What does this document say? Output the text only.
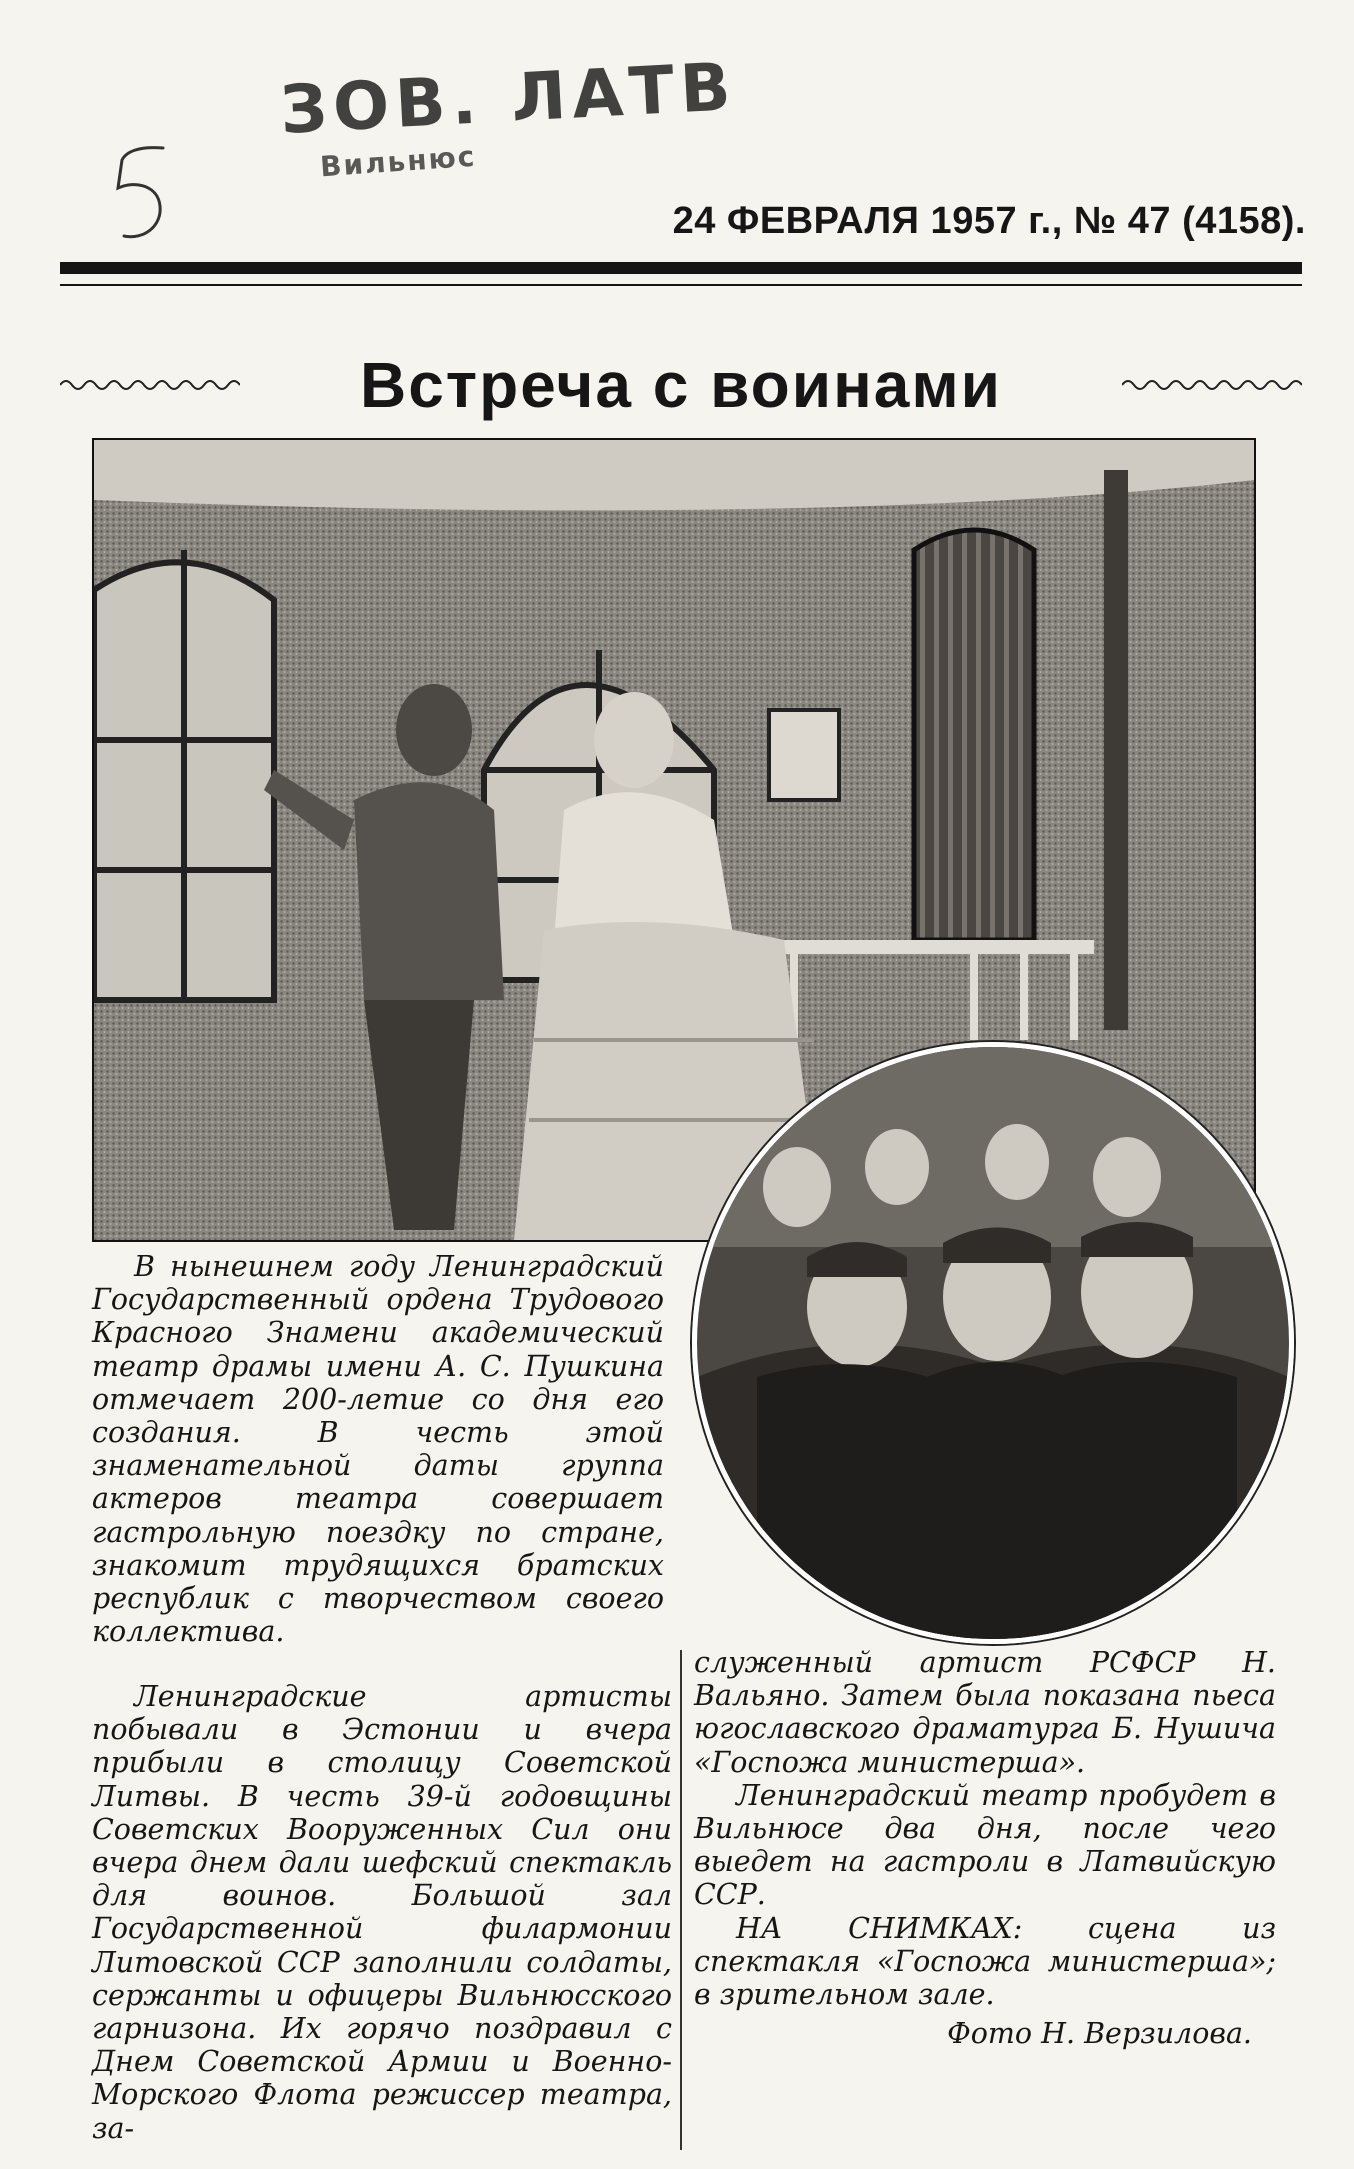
ЗОВ. ЛАТВ
Вильнюс
24 ФЕВРАЛЯ 1957 г., № 47 (4158).
Встреча с воинами

В нынешнем году Ленинградский Государственный ордена Трудового Красного Знамени академический театр драмы имени А. С. Пушкина отмечает 200-летие со дня его создания. В честь этой знаменательной даты группа актеров театра совершает гастрольную поездку по стране, знакомит трудящихся братских республик с творчеством своего коллектива.

Ленинградские артисты побывали в Эстонии и вчера прибыли в столицу Советской Литвы. В честь 39-й годовщины Советских Вооруженных Сил они вчера днем дали шефский спектакль для воинов. Большой зал Государственной филармонии Литовской ССР заполнили солдаты, сержанты и офицеры Вильнюсского гарнизона. Их горячо поздравил с Днем Советской Армии и Военно-Морского Флота режиссер театра, за-

служенный артист РСФСР Н. Вальяно. Затем была показана пьеса югославского драматурга Б. Нушича «Госпожа министерша».

Ленинградский театр пробудет в Вильнюсе два дня, после чего выедет на гастроли в Латвийскую ССР.

НА СНИМКАХ: сцена из спектакля «Госпожа министерша»; в зрительном зале.

Фото Н. Верзилова.
